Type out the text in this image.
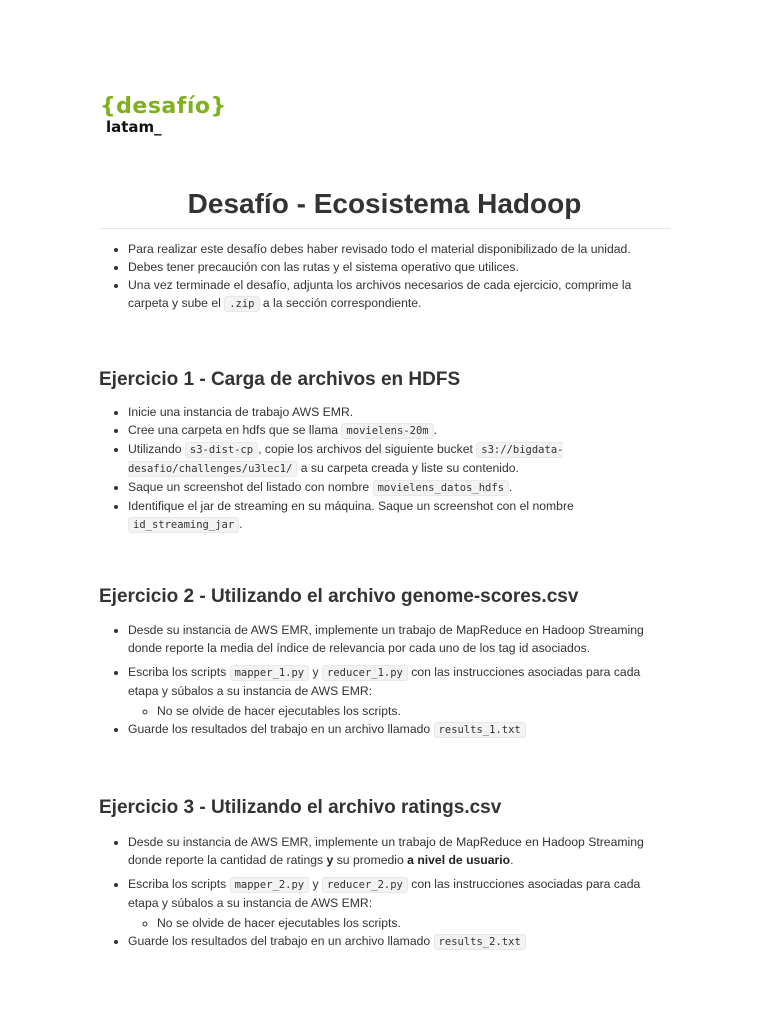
{desafío}
latam_
Desafío - Ecosistema Hadoop
• Para realizar este desafío debes haber revisado todo el material disponibilizado de la unidad.
• Debes tener precaución con las rutas y el sistema operativo que utilices.
• Una vez terminade el desafío, adjunta los archivos necesarios de cada ejercicio, comprime la carpeta y sube el .zip a la sección correspondiente.
Ejercicio 1 - Carga de archivos en HDFS
• Inicie una instancia de trabajo AWS EMR.
• Cree una carpeta en hdfs que se llama movielens-20m .
• Utilizando s3-dist-cp , copie los archivos del siguiente bucket s3://bigdata-desafio/challenges/u3lec1/ a su carpeta creada y liste su contenido.
• Saque un screenshot del listado con nombre movielens_datos_hdfs .
• Identifique el jar de streaming en su máquina. Saque un screenshot con el nombre id_streaming_jar .
Ejercicio 2 - Utilizando el archivo genome-scores.csv
• Desde su instancia de AWS EMR, implemente un trabajo de MapReduce en Hadoop Streaming donde reporte la media del índice de relevancia por cada uno de los tag id asociados.
• Escriba los scripts mapper_1.py y reducer_1.py con las instrucciones asociadas para cada etapa y súbalos a su instancia de AWS EMR:
◦ No se olvide de hacer ejecutables los scripts.
• Guarde los resultados del trabajo en un archivo llamado results_1.txt
Ejercicio 3 - Utilizando el archivo ratings.csv
• Desde su instancia de AWS EMR, implemente un trabajo de MapReduce en Hadoop Streaming donde reporte la cantidad de ratings y su promedio a nivel de usuario.
• Escriba los scripts mapper_2.py y reducer_2.py con las instrucciones asociadas para cada etapa y súbalos a su instancia de AWS EMR:
◦ No se olvide de hacer ejecutables los scripts.
• Guarde los resultados del trabajo en un archivo llamado results_2.txt
